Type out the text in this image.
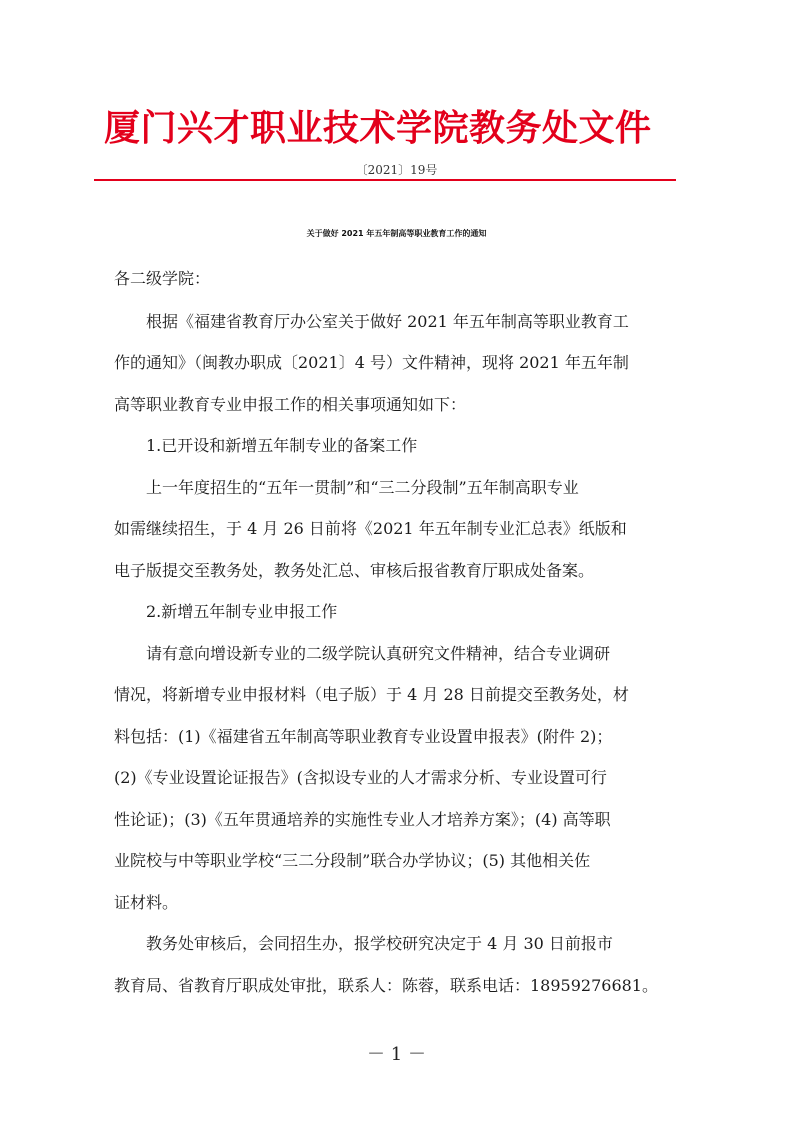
厦门兴才职业技术学院教务处文件
〔2021〕19号
关于做好 2021 年五年制高等职业教育工作的通知
各二级学院：
根据《福建省教育厅办公室关于做好 2021 年五年制高等职业教育工
作的通知》（闽教办职成〔2021〕4 号）文件精神，现将 2021 年五年制
高等职业教育专业申报工作的相关事项通知如下：
1.已开设和新增五年制专业的备案工作
上一年度招生的“五年一贯制”和“三二分段制”五年制高职专业
如需继续招生，于 4 月 26 日前将《2021 年五年制专业汇总表》纸版和
电子版提交至教务处，教务处汇总、审核后报省教育厅职成处备案。
2.新增五年制专业申报工作
请有意向增设新专业的二级学院认真研究文件精神，结合专业调研
情况，将新增专业申报材料（电子版）于 4 月 28 日前提交至教务处，材
料包括：(1)《福建省五年制高等职业教育专业设置申报表》(附件 2)；
(2)《专业设置论证报告》(含拟设专业的人才需求分析、专业设置可行
性论证)；(3)《五年贯通培养的实施性专业人才培养方案》；(4) 高等职
业院校与中等职业学校“三二分段制”联合办学协议；(5) 其他相关佐
证材料。
教务处审核后，会同招生办，报学校研究决定于 4 月 30 日前报市
教育局、省教育厅职成处审批，联系人：陈蓉，联系电话：18959276681。
－ 1 －
